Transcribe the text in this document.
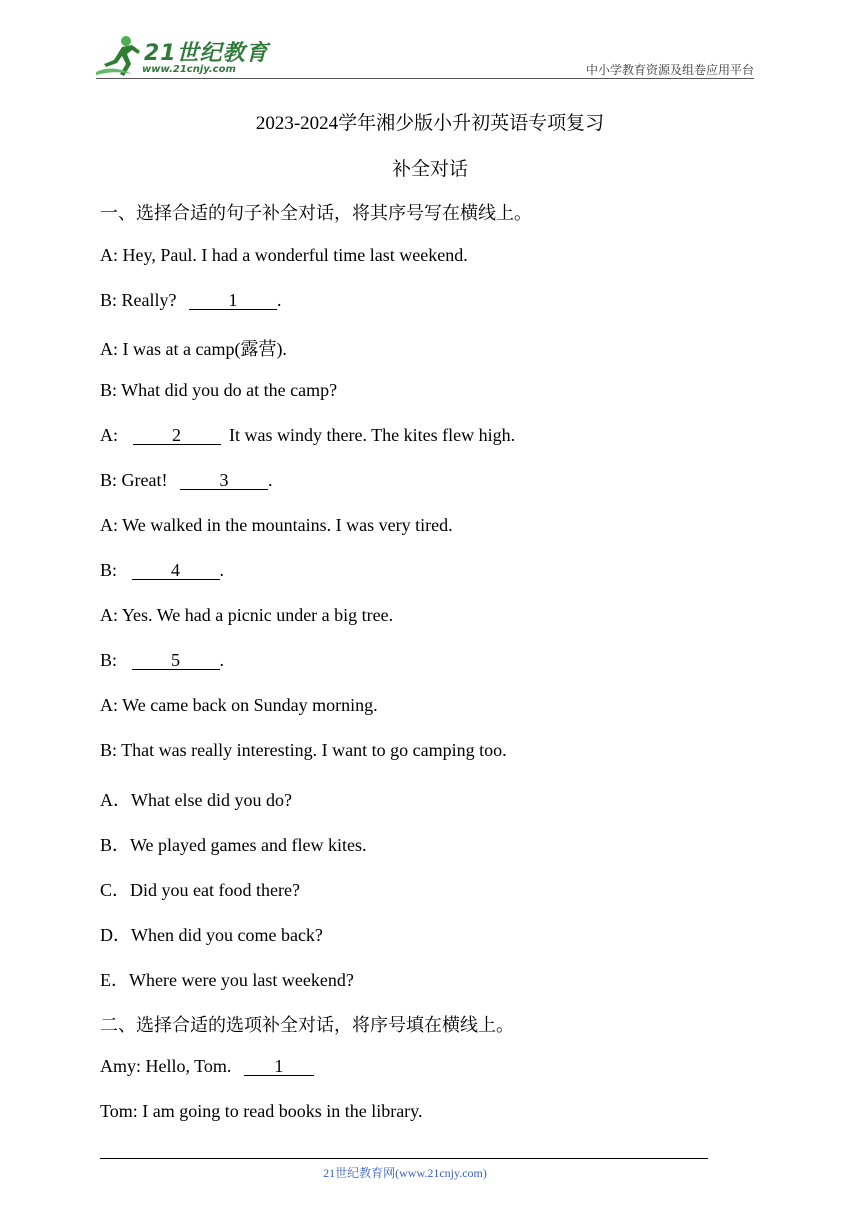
21世纪教育
www.21cnjy.com	中小学教育资源及组卷应用平台
2023-2024学年湘少版小升初英语专项复习
补全对话
一、选择合适的句子补全对话，将其序号写在横线上。
A: Hey, Paul. I had a wonderful time last weekend.
B: Really?	1 .
A: I was at a camp(露营).
B: What did you do at the camp?
A:	2 It was windy there. The kites flew high.
B: Great!	3 .
A: We walked in the mountains. I was very tired.
B:	4 .
A: Yes. We had a picnic under a big tree.
B:	5 .
A: We came back on Sunday morning.
B: That was really interesting. I want to go camping too.
A．What else did you do?
B．We played games and flew kites.
C．Did you eat food there?
D．When did you come back?
E．Where were you last weekend?
二、选择合适的选项补全对话，将序号填在横线上。
Amy: Hello, Tom. 1
Tom: I am going to read books in the library.
21世纪教育网(www.21cnjy.com)
